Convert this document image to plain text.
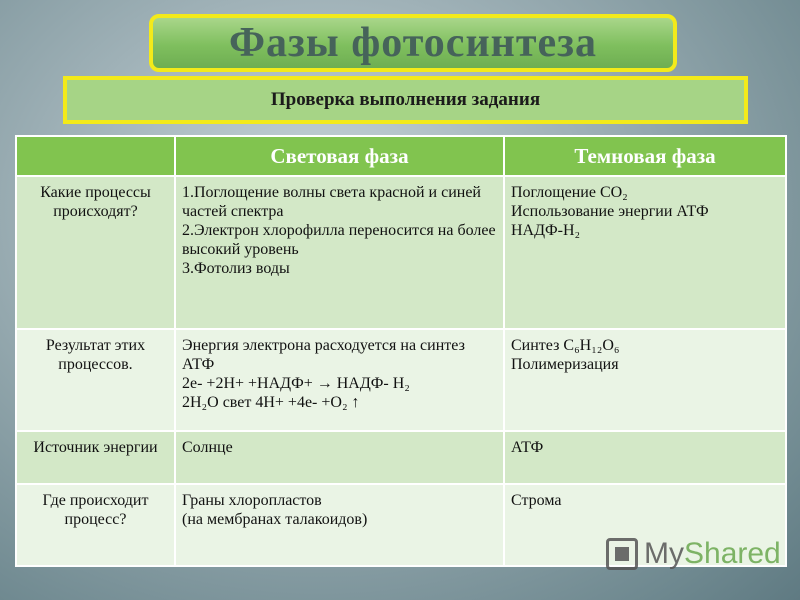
Фазы фотосинтеза
Проверка выполнения задания
	Световая фаза	Темновая фаза
Какие процессы происходят?	1.Поглощение волны света красной и синей частей спектра
2.Электрон хлорофилла переносится на более высокий уровень
3.Фотолиз воды	Поглощение CO₂
Использование энергии АТФ
НАДФ-Н₂

Результат этих процессов.	Энергия электрона расходуется на синтез АТФ
2е- +2Н+ +НАДФ+ → НАДФ- Н₂
2Н₂О свет 4Н+ +4е- +О₂ ↑	Синтез С₆Н₁₂О₆
Полимеризация

Источник энергии	Солнце	АТФ

Где происходит процесс?	Граны хлоропластов
(на мембранах талакоидов)	Строма
MyShared
